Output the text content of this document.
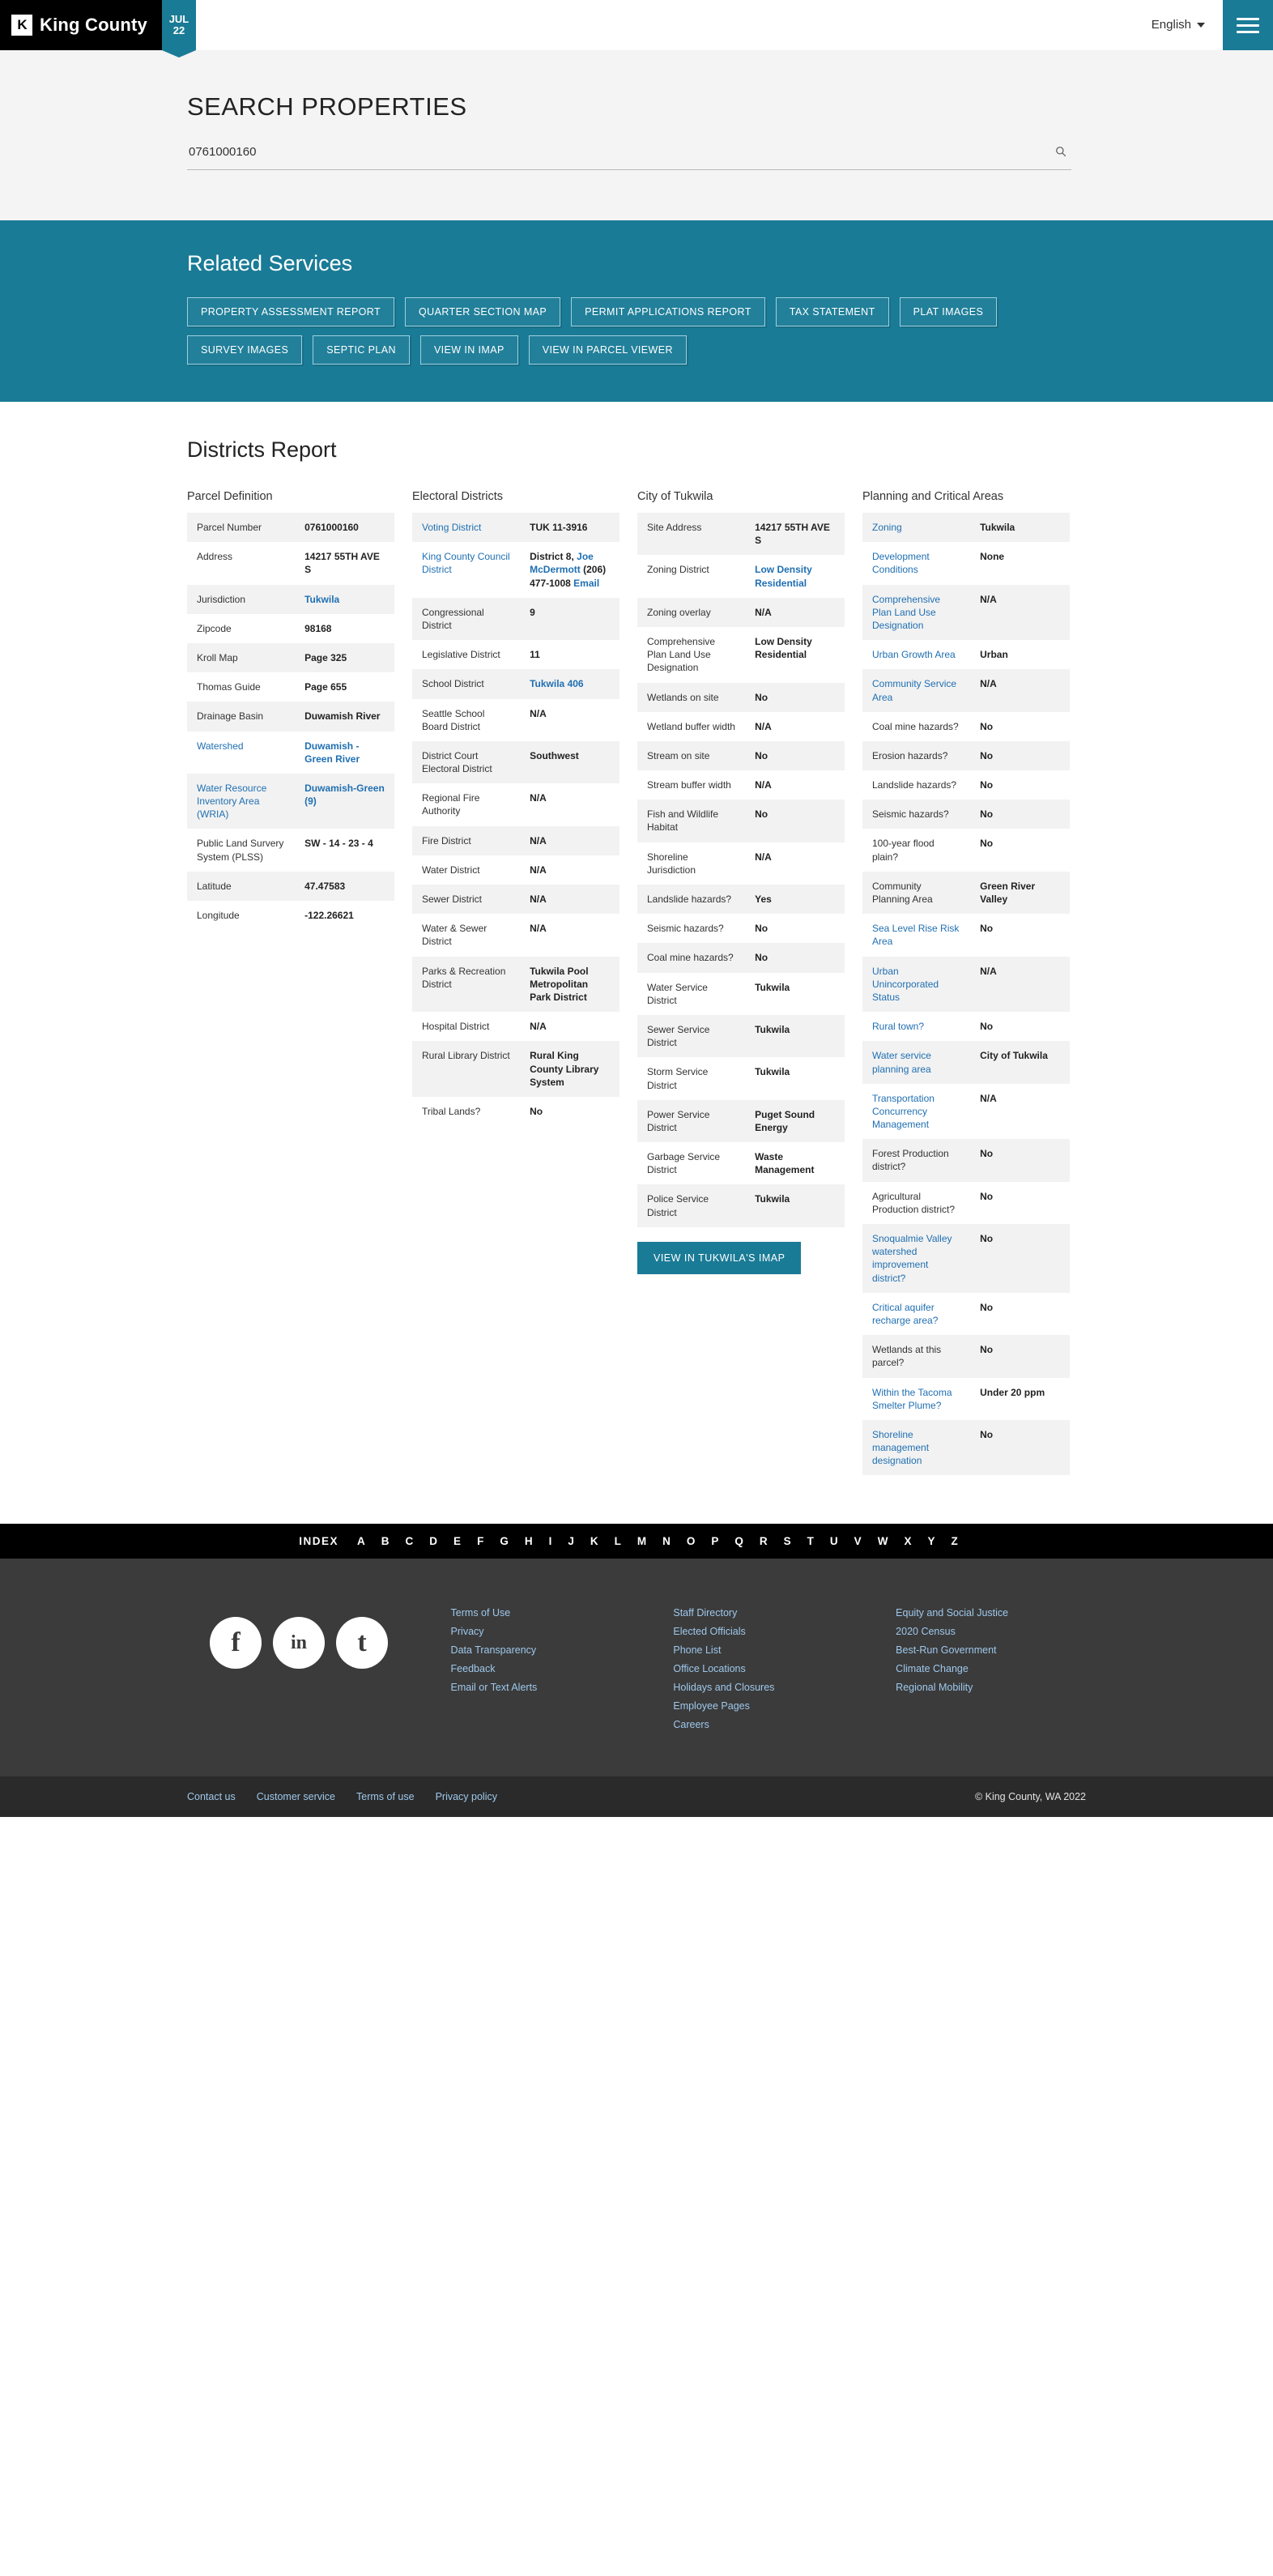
K King County JUL
22	English
SEARCH PROPERTIES
0761000160
Related Services
PROPERTY ASSESSMENT REPORT	QUARTER SECTION MAP	PERMIT APPLICATIONS REPORT	TAX STATEMENT	PLAT IMAGES
SURVEY IMAGES	SEPTIC PLAN	VIEW IN IMAP	VIEW IN PARCEL VIEWER
Districts Report
Parcel Definition
Parcel Number	0761000160
Address	14217 55TH AVE S
Jurisdiction	Tukwila
Zipcode	98168
Kroll Map	Page 325
Thomas Guide	Page 655
Drainage Basin	Duwamish River
Watershed	Duwamish - Green River
Water Resource Inventory Area (WRIA)	Duwamish-Green (9)
Public Land Survery System (PLSS)	SW - 14 - 23 - 4
Latitude	47.47583
Longitude	-122.26621
Electoral Districts
Voting District	TUK 11-3916
King County Council District	District 8, Joe McDermott (206) 477-1008 Email
Congressional District	9
Legislative District	11
School District	Tukwila 406
Seattle School Board District	N/A
District Court Electoral District	Southwest
Regional Fire Authority	N/A
Fire District	N/A
Water District	N/A
Sewer District	N/A
Water & Sewer District	N/A
Parks & Recreation District	Tukwila Pool Metropolitan Park District
Hospital District	N/A
Rural Library District	Rural King County Library System
Tribal Lands?	No
City of Tukwila
Site Address	14217 55TH AVE S
Zoning District	Low Density Residential
Zoning overlay	N/A
Comprehensive Plan Land Use Designation	Low Density Residential
Wetlands on site	No
Wetland buffer width	N/A
Stream on site	No
Stream buffer width	N/A
Fish and Wildlife Habitat	No
Shoreline Jurisdiction	N/A
Landslide hazards?	Yes
Seismic hazards?	No
Coal mine hazards?	No
Water Service District	Tukwila
Sewer Service District	Tukwila
Storm Service District	Tukwila
Power Service District	Puget Sound Energy
Garbage Service District	Waste Management
Police Service District	Tukwila
VIEW IN TUKWILA'S IMAP
Planning and Critical Areas
Zoning	Tukwila
Development Conditions	None
Comprehensive Plan Land Use Designation	N/A
Urban Growth Area	Urban
Community Service Area	N/A
Coal mine hazards?	No
Erosion hazards?	No
Landslide hazards?	No
Seismic hazards?	No
100-year flood plain?	No
Community Planning Area	Green River Valley
Sea Level Rise Risk Area	No
Urban Unincorporated Status	N/A
Rural town?	No
Water service planning area	City of Tukwila
Transportation Concurrency Management	N/A
Forest Production district?	No
Agricultural Production district?	No
Snoqualmie Valley watershed improvement district?	No
Critical aquifer recharge area?	No
Wetlands at this parcel?	No
Within the Tacoma Smelter Plume?	Under 20 ppm
Shoreline management designation	No
INDEX A B C D E F G H I J K L M N O P Q R S T U V W X Y Z
f	in	t
Terms of Use
Privacy
Data Transparency
Feedback
Email or Text Alerts
Staff Directory
Elected Officials
Phone List
Office Locations
Holidays and Closures
Employee Pages
Careers
Equity and Social Justice
2020 Census
Best-Run Government
Climate Change
Regional Mobility
Contact us Customer service Terms of use Privacy policy	© King County, WA 2022
